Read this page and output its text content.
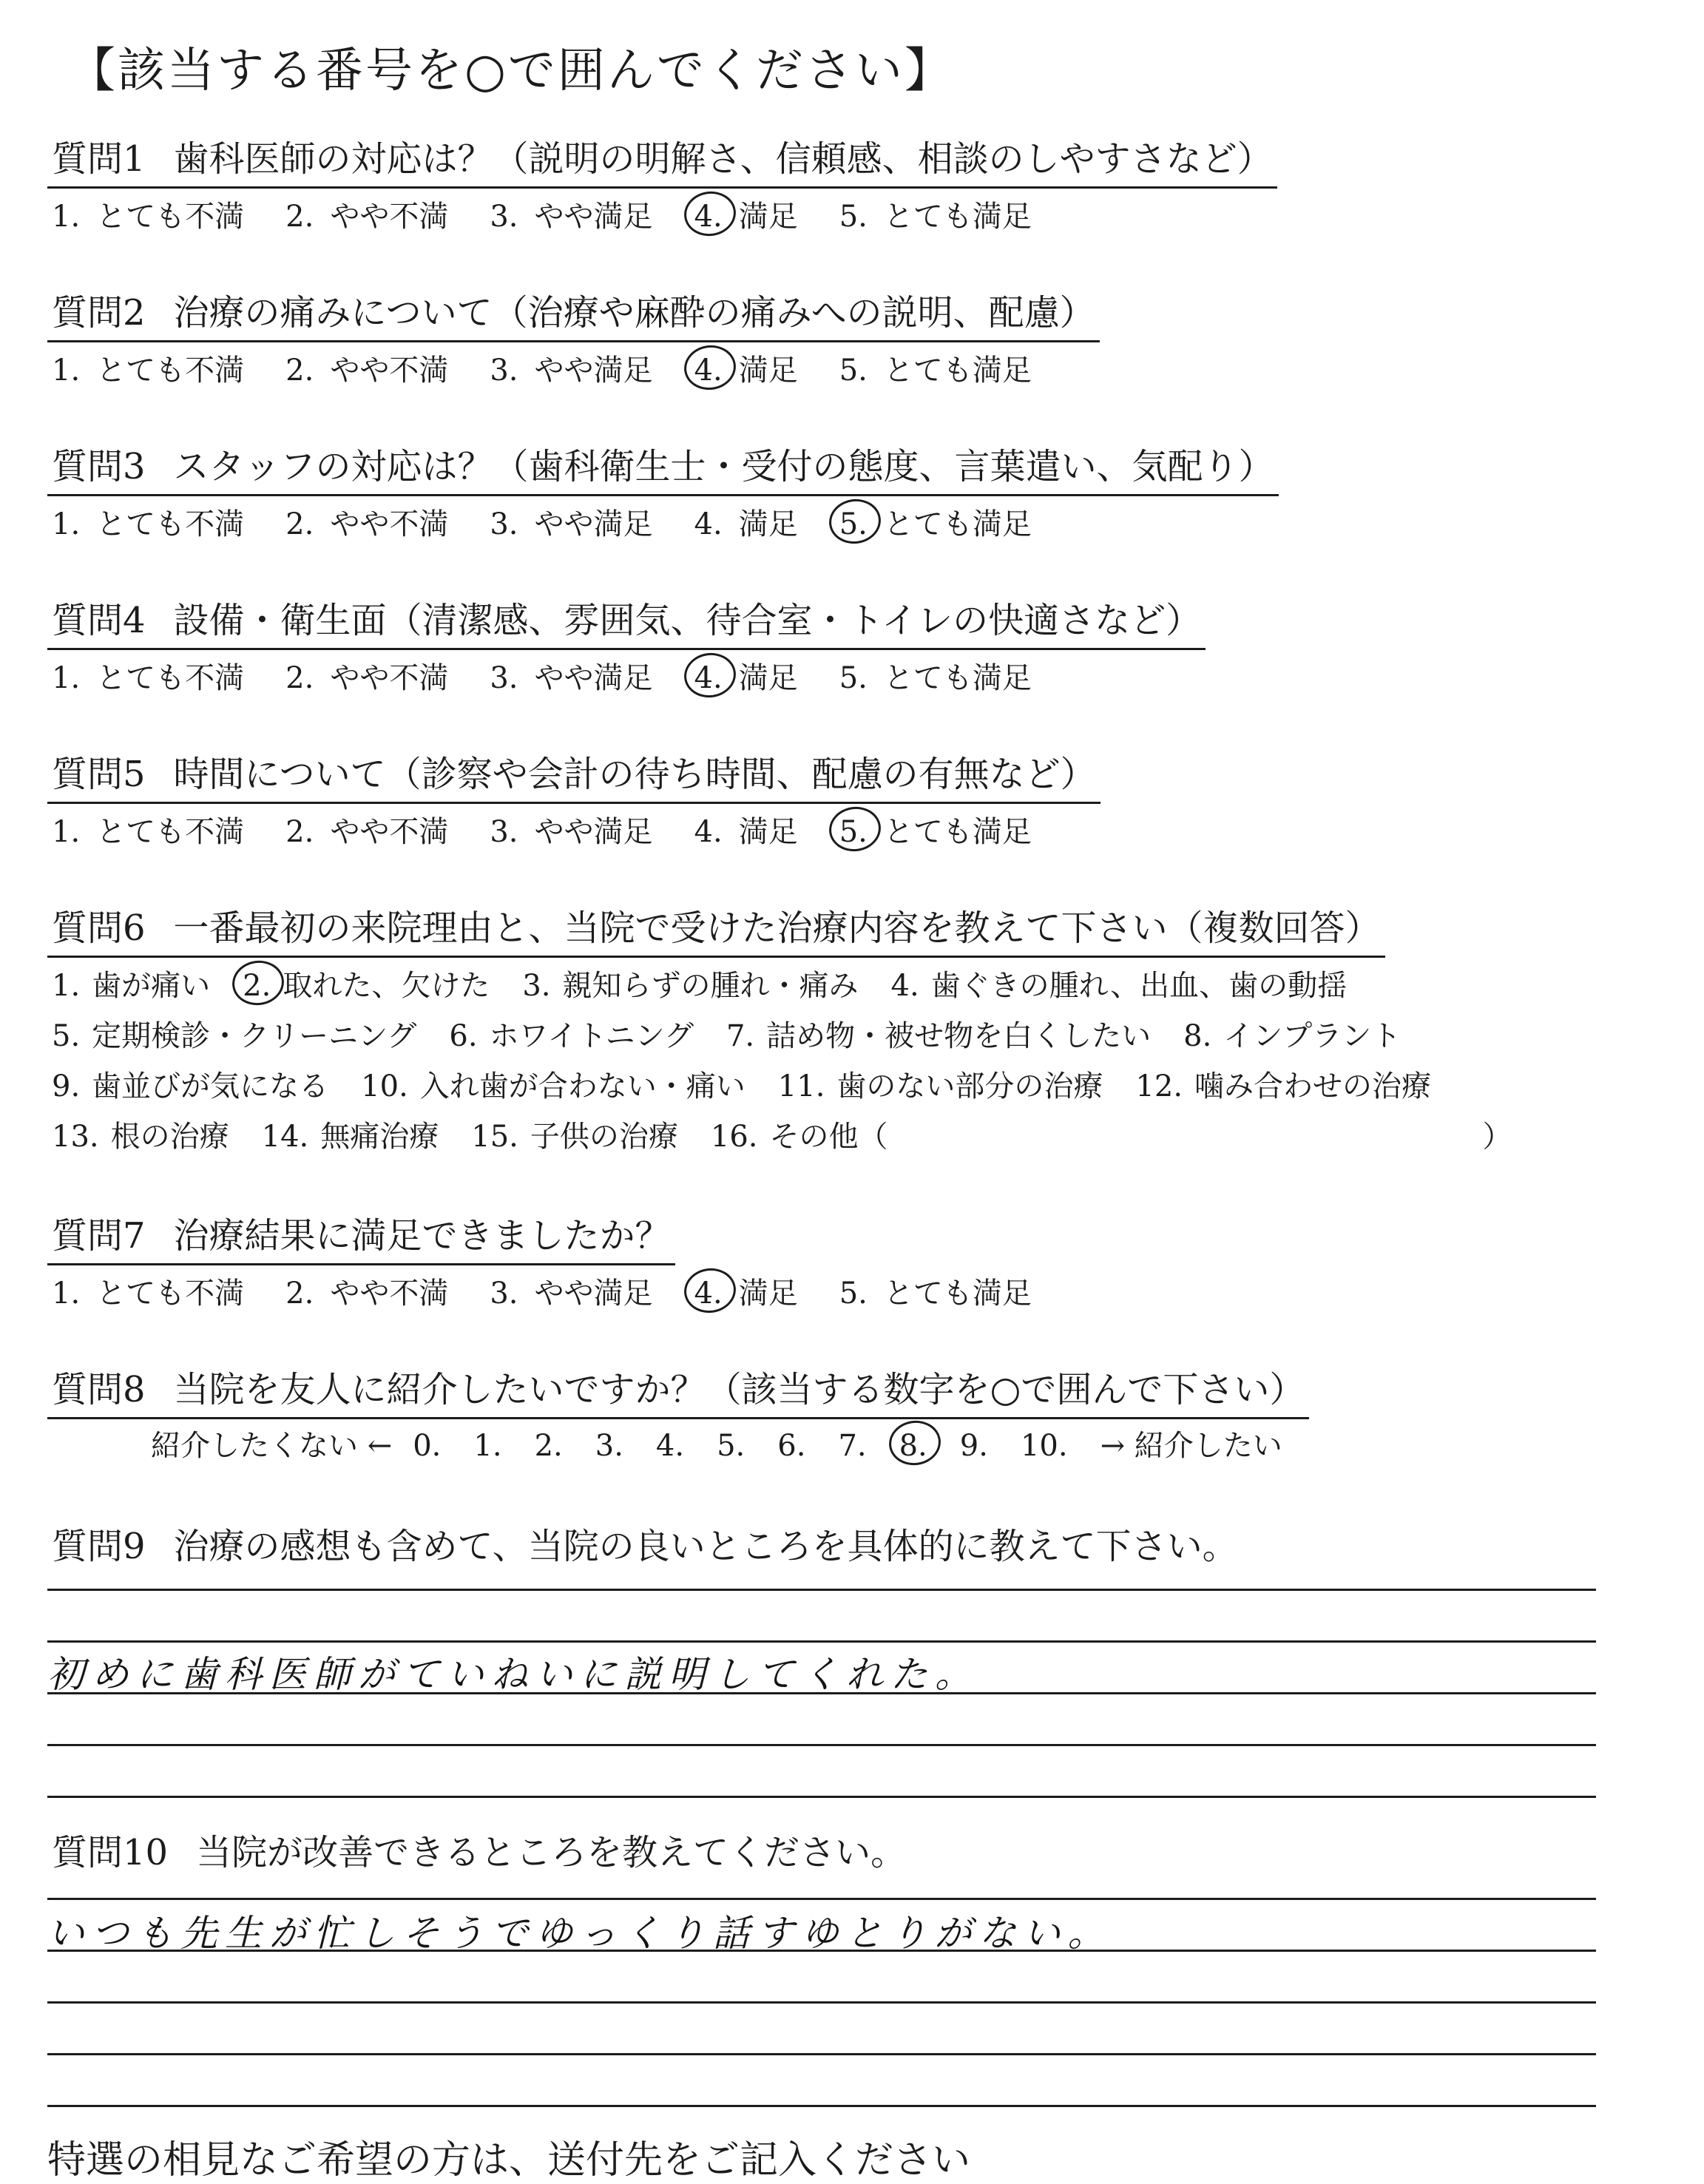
【該当する番号を○で囲んでください】
質問1 歯科医師の対応は？（説明の明解さ、信頼感、相談のしやすさなど）
1. とても不満 2. やや不満 3. やや満足 4. 満足 5. とても満足
質問2 治療の痛みについて（治療や麻酔の痛みへの説明、配慮）
1. とても不満 2. やや不満 3. やや満足 4. 満足 5. とても満足
質問3 スタッフの対応は？（歯科衛生士・受付の態度、言葉遣い、気配り）
1. とても不満 2. やや不満 3. やや満足 4. 満足 5. とても満足
質問4 設備・衛生面（清潔感、雰囲気、待合室・トイレの快適さなど）
1. とても不満 2. やや不満 3. やや満足 4. 満足 5. とても満足
質問5 時間について（診察や会計の待ち時間、配慮の有無など）
1. とても不満 2. やや不満 3. やや満足 4. 満足 5. とても満足
質問6 一番最初の来院理由と、当院で受けた治療内容を教えて下さい（複数回答）
1. 歯が痛い 2. 取れた、欠けた 3. 親知らずの腫れ・痛み 4. 歯ぐきの腫れ、出血、歯の動揺
5. 定期検診・クリーニング 6. ホワイトニング 7. 詰め物・被せ物を白くしたい 8. インプラント
9. 歯並びが気になる 10. 入れ歯が合わない・痛い 11. 歯のない部分の治療 12. 噛み合わせの治療
13. 根の治療 14. 無痛治療 15. 子供の治療 16. その他（	）
質問7 治療結果に満足できましたか？
1. とても不満 2. やや不満 3. やや満足 4. 満足 5. とても満足
質問8 当院を友人に紹介したいですか？（該当する数字を○で囲んで下さい）
紹介したくない ← 0. 1. 2. 3. 4. 5. 6. 7. 8. 9. 10. → 紹介したい
質問9 治療の感想も含めて、当院の良いところを具体的に教えて下さい。
初めに歯科医師がていねいに説明してくれた。
質問10 当院が改善できるところを教えてください。
いつも先生が忙しそうでゆっくり話すゆとりがない。
特選の相見なご希望の方は、送付先をご記入ください
